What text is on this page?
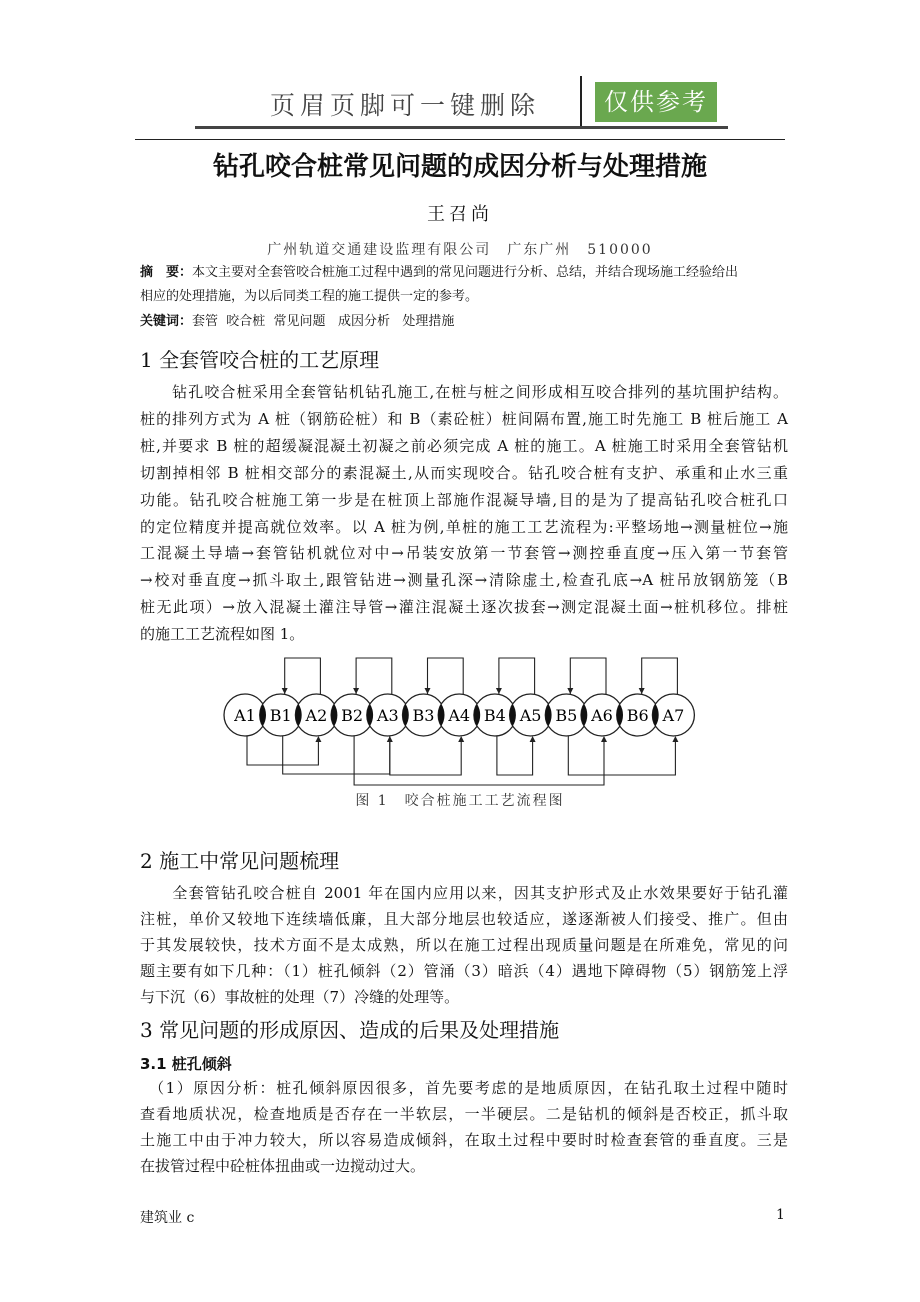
页眉页脚可一键删除	仅供参考
钻孔咬合桩常见问题的成因分析与处理措施
王召尚
广州轨道交通建设监理有限公司　广东广州　510000
摘　要：本文主要对全套管咬合桩施工过程中遇到的常见问题进行分析、总结，并结合现场施工经验给出
相应的处理措施，为以后同类工程的施工提供一定的参考。
关键词：套管  咬合桩  常见问题   成因分析   处理措施
1 全套管咬合桩的工艺原理
　　钻孔咬合桩采用全套管钻机钻孔施工,在桩与桩之间形成相互咬合排列的基坑围护结构。
桩的排列方式为 A 桩（钢筋砼桩）和 B（素砼桩）桩间隔布置,施工时先施工 B 桩后施工 A
桩,并要求 B 桩的超缓凝混凝土初凝之前必须完成 A 桩的施工。A 桩施工时采用全套管钻机
切割掉相邻 B 桩相交部分的素混凝土,从而实现咬合。钻孔咬合桩有支护、承重和止水三重
功能。钻孔咬合桩施工第一步是在桩顶上部施作混凝导墙,目的是为了提高钻孔咬合桩孔口
的定位精度并提高就位效率。以 A 桩为例,单桩的施工工艺流程为:平整场地→测量桩位→施
工混凝土导墙→套管钻机就位对中→吊装安放第一节套管→测控垂直度→压入第一节套管
→校对垂直度→抓斗取土,跟管钻进→测量孔深→清除虚土,检查孔底→A 桩吊放钢筋笼（B
桩无此项）→放入混凝土灌注导管→灌注混凝土逐次拔套→测定混凝土面→桩机移位。排桩
的施工工艺流程如图 1。
A1 B1 A2 B2 A3 B3 A4 B4 A5 B5 A6 B6 A7
图 1　咬合桩施工工艺流程图
2 施工中常见问题梳理
　　全套管钻孔咬合桩自 2001 年在国内应用以来，因其支护形式及止水效果要好于钻孔灌
注桩，单价又较地下连续墙低廉，且大部分地层也较适应，遂逐渐被人们接受、推广。但由
于其发展较快，技术方面不是太成熟，所以在施工过程出现质量问题是在所难免，常见的问
题主要有如下几种：（1）桩孔倾斜（2）管涌（3）暗浜（4）遇地下障碍物（5）钢筋笼上浮
与下沉（6）事故桩的处理（7）冷缝的处理等。
3 常见问题的形成原因、造成的后果及处理措施
3.1 桩孔倾斜
　（1）原因分析：桩孔倾斜原因很多，首先要考虑的是地质原因，在钻孔取土过程中随时
查看地质状况，检查地质是否存在一半软层，一半硬层。二是钻机的倾斜是否校正，抓斗取
土施工中由于冲力较大，所以容易造成倾斜，在取土过程中要时时检查套管的垂直度。三是
在拔管过程中砼桩体扭曲或一边搅动过大。
建筑业 c	1
